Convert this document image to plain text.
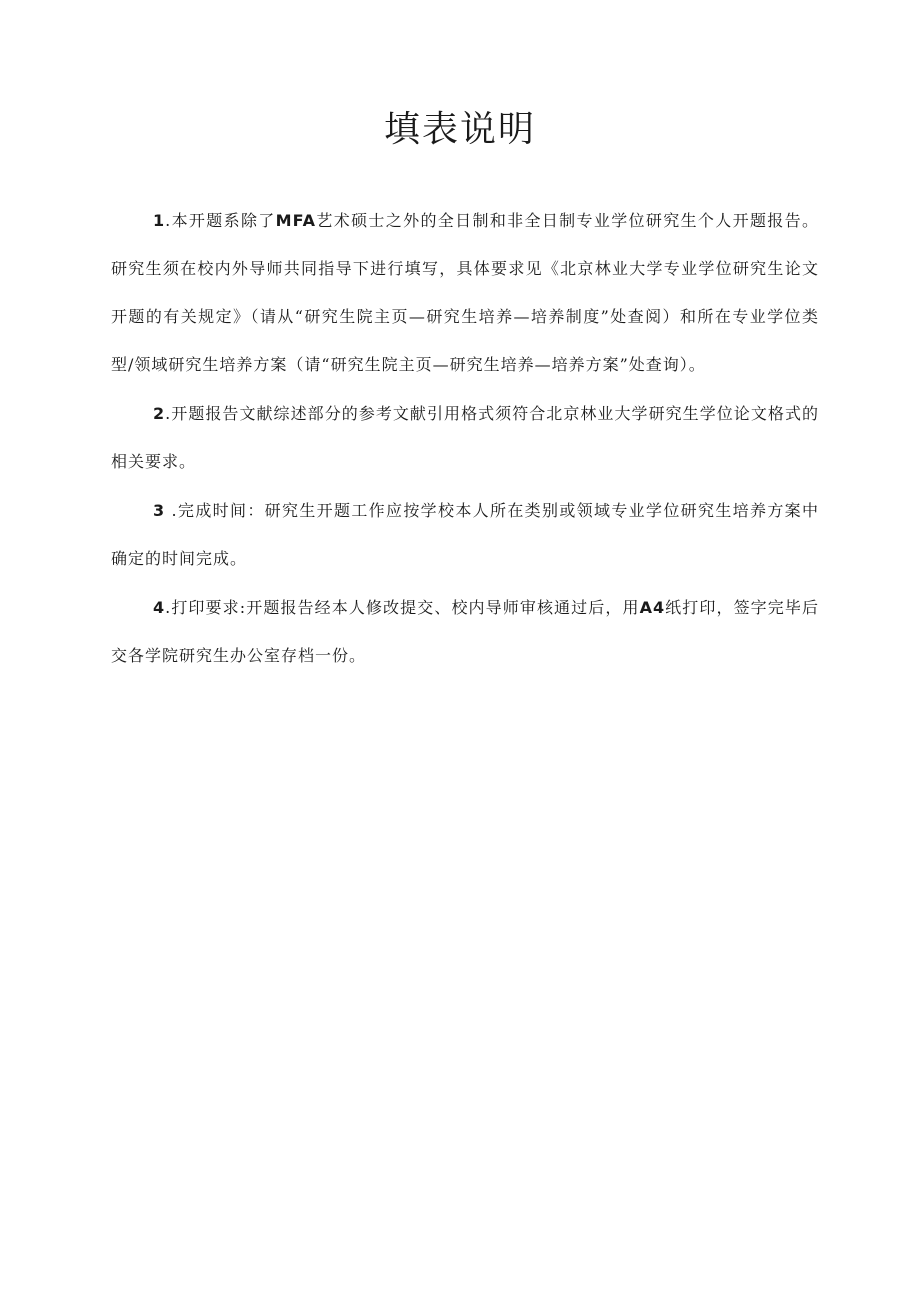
填表说明

1.本开题系除了MFA艺术硕士之外的全日制和非全日制专业学位研究生个人开题报告。研究生须在校内外导师共同指导下进行填写，具体要求见《北京林业大学专业学位研究生论文开题的有关规定》（请从“研究生院主页—研究生培养—培养制度”处查阅）和所在专业学位类型/领域研究生培养方案（请“研究生院主页—研究生培养—培养方案”处查询）。

2.开题报告文献综述部分的参考文献引用格式须符合北京林业大学研究生学位论文格式的相关要求。

3 .完成时间：研究生开题工作应按学校本人所在类别或领域专业学位研究生培养方案中确定的时间完成。

4.打印要求:开题报告经本人修改提交、校内导师审核通过后，用A4纸打印，签字完毕后交各学院研究生办公室存档一份。
